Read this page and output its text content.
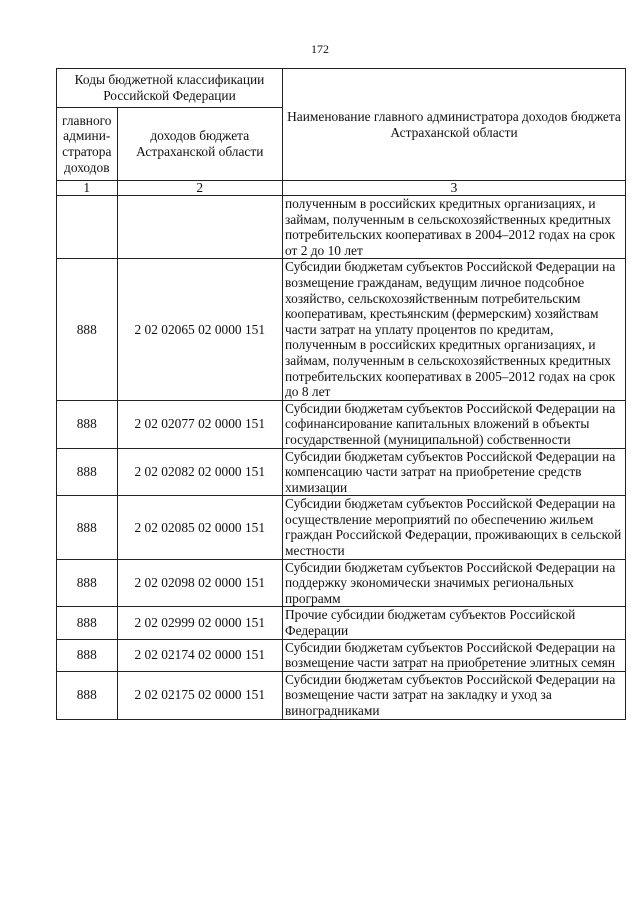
172
Коды бюджетной классификации Российской Федерации		Наименование главного администратора доходов бюджета Астраханской области
главного админи-стратора доходов	доходов бюджета Астраханской области	
1	2	3
		полученным в российских кредитных организациях, и займам, полученным в сельскохозяйственных кредитных потребительских кооперативах в 2004–2012 годах на срок от 2 до 10 лет
888	2 02 02065 02 0000 151	Субсидии бюджетам субъектов Российской Федерации на возмещение гражданам, ведущим личное подсобное хозяйство, сельскохозяйственным потребительским кооперативам, крестьянским (фермерским) хозяйствам части затрат на уплату процентов по кредитам, полученным в российских кредитных организациях, и займам, полученным в сельскохозяйственных кредитных потребительских кооперативах в 2005–2012 годах на срок до 8 лет
888	2 02 02077 02 0000 151	Субсидии бюджетам субъектов Российской Федерации на софинансирование капитальных вложений в объекты государственной (муниципальной) собственности
888	2 02 02082 02 0000 151	Субсидии бюджетам субъектов Российской Федерации на компенсацию части затрат на приобретение средств химизации
888	2 02 02085 02 0000 151	Субсидии бюджетам субъектов Российской Федерации на осуществление мероприятий по обеспечению жильем граждан Российской Федерации, проживающих в сельской местности
888	2 02 02098 02 0000 151	Субсидии бюджетам субъектов Российской Федерации на поддержку экономически значимых региональных программ
888	2 02 02999 02 0000 151	Прочие субсидии бюджетам субъектов Российской Федерации
888	2 02 02174 02 0000 151	Субсидии бюджетам субъектов Российской Федерации на возмещение части затрат на приобретение элитных семян
888	2 02 02175 02 0000 151	Субсидии бюджетам субъектов Российской Федерации на возмещение части затрат на закладку и уход за виноградниками
